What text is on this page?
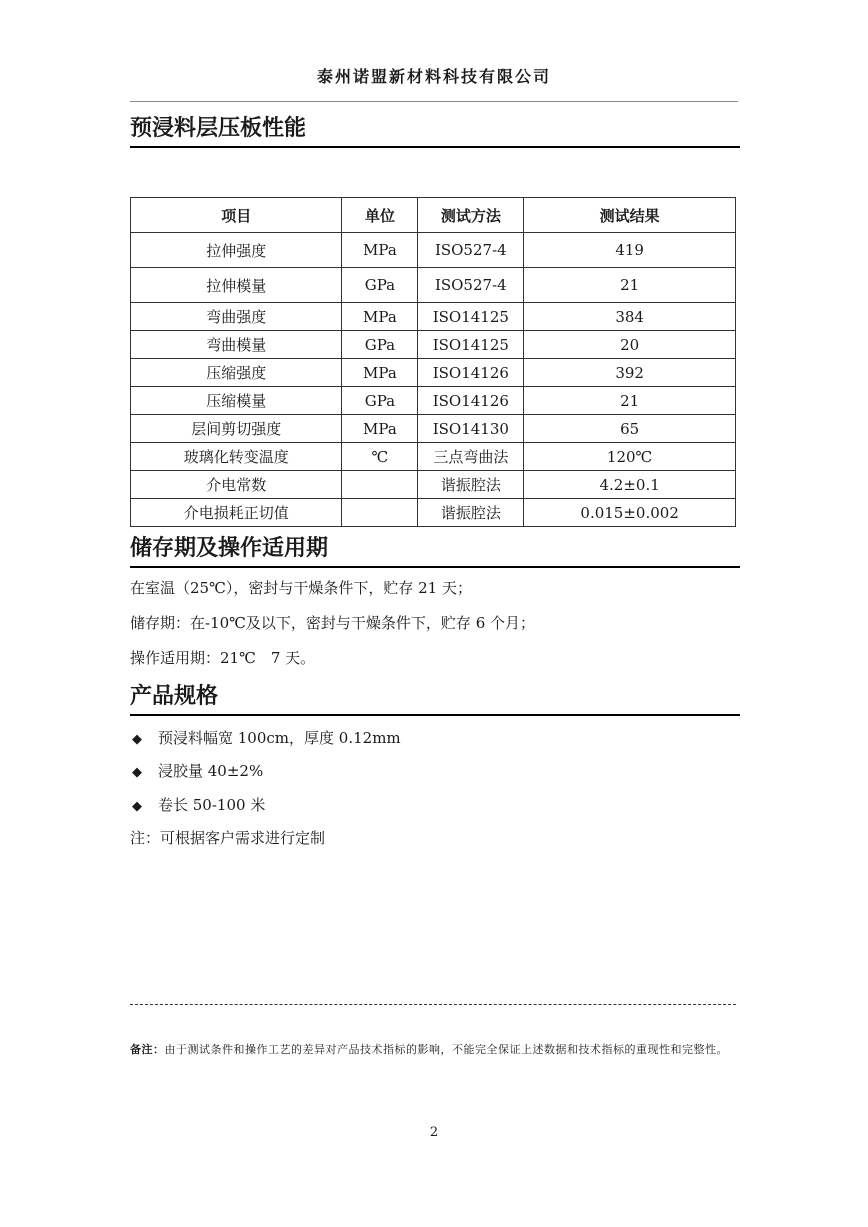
泰州诺盟新材料科技有限公司
预浸料层压板性能
项目	单位	测试方法	测试结果
拉伸强度	MPa	ISO527-4	419
拉伸模量	GPa	ISO527-4	21
弯曲强度	MPa	ISO14125	384
弯曲模量	GPa	ISO14125	20
压缩强度	MPa	ISO14126	392
压缩模量	GPa	ISO14126	21
层间剪切强度	MPa	ISO14130	65
玻璃化转变温度	℃	三点弯曲法	120℃
介电常数		谐振腔法	4.2±0.1
介电损耗正切值		谐振腔法	0.015±0.002
储存期及操作适用期
在室温（25℃），密封与干燥条件下，贮存 21 天；
储存期：在-10℃及以下，密封与干燥条件下，贮存 6 个月；
操作适用期：21℃　7 天。
产品规格
◆ 预浸料幅宽 100cm，厚度 0.12mm
◆ 浸胶量 40±2%
◆ 卷长 50-100 米
注：可根据客户需求进行定制
备注：由于测试条件和操作工艺的差异对产品技术指标的影响，不能完全保证上述数据和技术指标的重现性和完整性。
2
